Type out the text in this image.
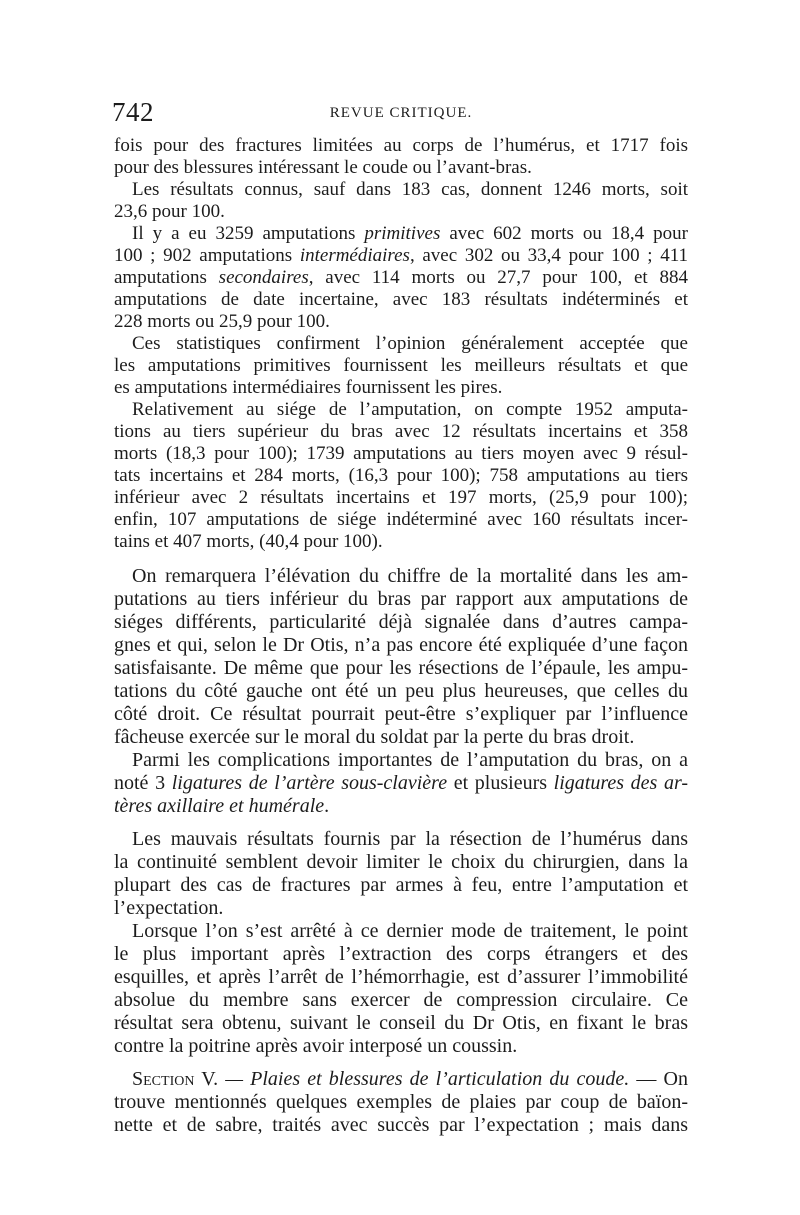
742	REVUE CRITIQUE.
fois pour des fractures limitées au corps de l’humérus, et 1717 fois
pour des blessures intéressant le coude ou l’avant-bras.
Les résultats connus, sauf dans 183 cas, donnent 1246 morts, soit
23,6 pour 100.
Il y a eu 3259 amputations primitives avec 602 morts ou 18,4 pour
100 ; 902 amputations intermédiaires, avec 302 ou 33,4 pour 100 ; 411
amputations secondaires, avec 114 morts ou 27,7 pour 100, et 884
amputations de date incertaine, avec 183 résultats indéterminés et
228 morts ou 25,9 pour 100.
Ces statistiques confirment l’opinion généralement acceptée que
les amputations primitives fournissent les meilleurs résultats et que
es amputations intermédiaires fournissent les pires.
Relativement au siége de l’amputation, on compte 1952 amputa-
tions au tiers supérieur du bras avec 12 résultats incertains et 358
morts (18,3 pour 100); 1739 amputations au tiers moyen avec 9 résul-
tats incertains et 284 morts, (16,3 pour 100); 758 amputations au tiers
inférieur avec 2 résultats incertains et 197 morts, (25,9 pour 100);
enfin, 107 amputations de siége indéterminé avec 160 résultats incer-
tains et 407 morts, (40,4 pour 100).
On remarquera l’élévation du chiffre de la mortalité dans les am-
putations au tiers inférieur du bras par rapport aux amputations de
siéges différents, particularité déjà signalée dans d’autres campa-
gnes et qui, selon le Dr Otis, n’a pas encore été expliquée d’une façon
satisfaisante. De même que pour les résections de l’épaule, les ampu-
tations du côté gauche ont été un peu plus heureuses, que celles du
côté droit. Ce résultat pourrait peut-être s’expliquer par l’influence
fâcheuse exercée sur le moral du soldat par la perte du bras droit.
Parmi les complications importantes de l’amputation du bras, on a
noté 3 ligatures de l’artère sous-clavière et plusieurs ligatures des ar-
tères axillaire et humérale.
Les mauvais résultats fournis par la résection de l’humérus dans
la continuité semblent devoir limiter le choix du chirurgien, dans la
plupart des cas de fractures par armes à feu, entre l’amputation et
l’expectation.
Lorsque l’on s’est arrêté à ce dernier mode de traitement, le point
le plus important après l’extraction des corps étrangers et des
esquilles, et après l’arrêt de l’hémorrhagie, est d’assurer l’immobilité
absolue du membre sans exercer de compression circulaire. Ce
résultat sera obtenu, suivant le conseil du Dr Otis, en fixant le bras
contre la poitrine après avoir interposé un coussin.
Section V. — Plaies et blessures de l’articulation du coude. — On
trouve mentionnés quelques exemples de plaies par coup de baïon-
nette et de sabre, traités avec succès par l’expectation ; mais dans
